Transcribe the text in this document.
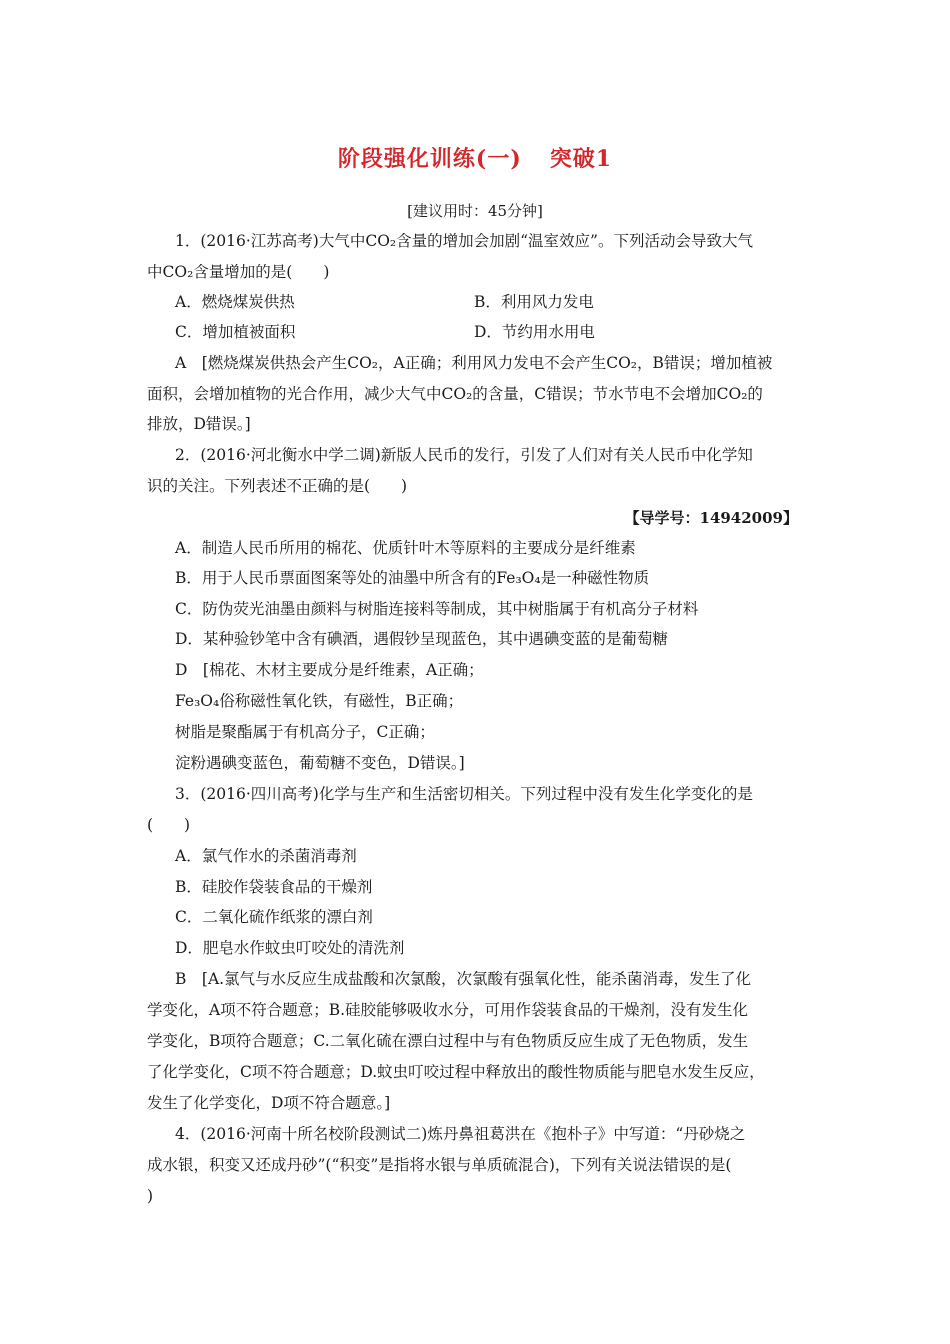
阶段强化训练(一) 突破1
[建议用时：45分钟]
1．(2016·江苏高考)大气中CO₂含量的增加会加剧“温室效应”。下列活动会导致大气
中CO₂含量增加的是(　　)
A．燃烧煤炭供热	B．利用风力发电
C．增加植被面积	D．节约用水用电
A　[燃烧煤炭供热会产生CO₂，A正确；利用风力发电不会产生CO₂，B错误；增加植被
面积，会增加植物的光合作用，减少大气中CO₂的含量，C错误；节水节电不会增加CO₂的
排放，D错误。]
2．(2016·河北衡水中学二调)新版人民币的发行，引发了人们对有关人民币中化学知
识的关注。下列表述不正确的是(　　)
【导学号：14942009】
A．制造人民币所用的棉花、优质针叶木等原料的主要成分是纤维素
B．用于人民币票面图案等处的油墨中所含有的Fe₃O₄是一种磁性物质
C．防伪荧光油墨由颜料与树脂连接料等制成，其中树脂属于有机高分子材料
D．某种验钞笔中含有碘酒，遇假钞呈现蓝色，其中遇碘变蓝的是葡萄糖
D　[棉花、木材主要成分是纤维素，A正确；
Fe₃O₄俗称磁性氧化铁，有磁性，B正确；
树脂是聚酯属于有机高分子，C正确；
淀粉遇碘变蓝色，葡萄糖不变色，D错误。]
3．(2016·四川高考)化学与生产和生活密切相关。下列过程中没有发生化学变化的是
(　　)
A．氯气作水的杀菌消毒剂
B．硅胶作袋装食品的干燥剂
C．二氧化硫作纸浆的漂白剂
D．肥皂水作蚊虫叮咬处的清洗剂
B　[A.氯气与水反应生成盐酸和次氯酸，次氯酸有强氧化性，能杀菌消毒，发生了化
学变化，A项不符合题意；B.硅胶能够吸收水分，可用作袋装食品的干燥剂，没有发生化
学变化，B项符合题意；C.二氧化硫在漂白过程中与有色物质反应生成了无色物质，发生
了化学变化，C项不符合题意；D.蚊虫叮咬过程中释放出的酸性物质能与肥皂水发生反应，
发生了化学变化，D项不符合题意。]
4．(2016·河南十所名校阶段测试二)炼丹鼻祖葛洪在《抱朴子》中写道：“丹砂烧之
成水银，积变又还成丹砂”(“积变”是指将水银与单质硫混合)，下列有关说法错误的是(
)
